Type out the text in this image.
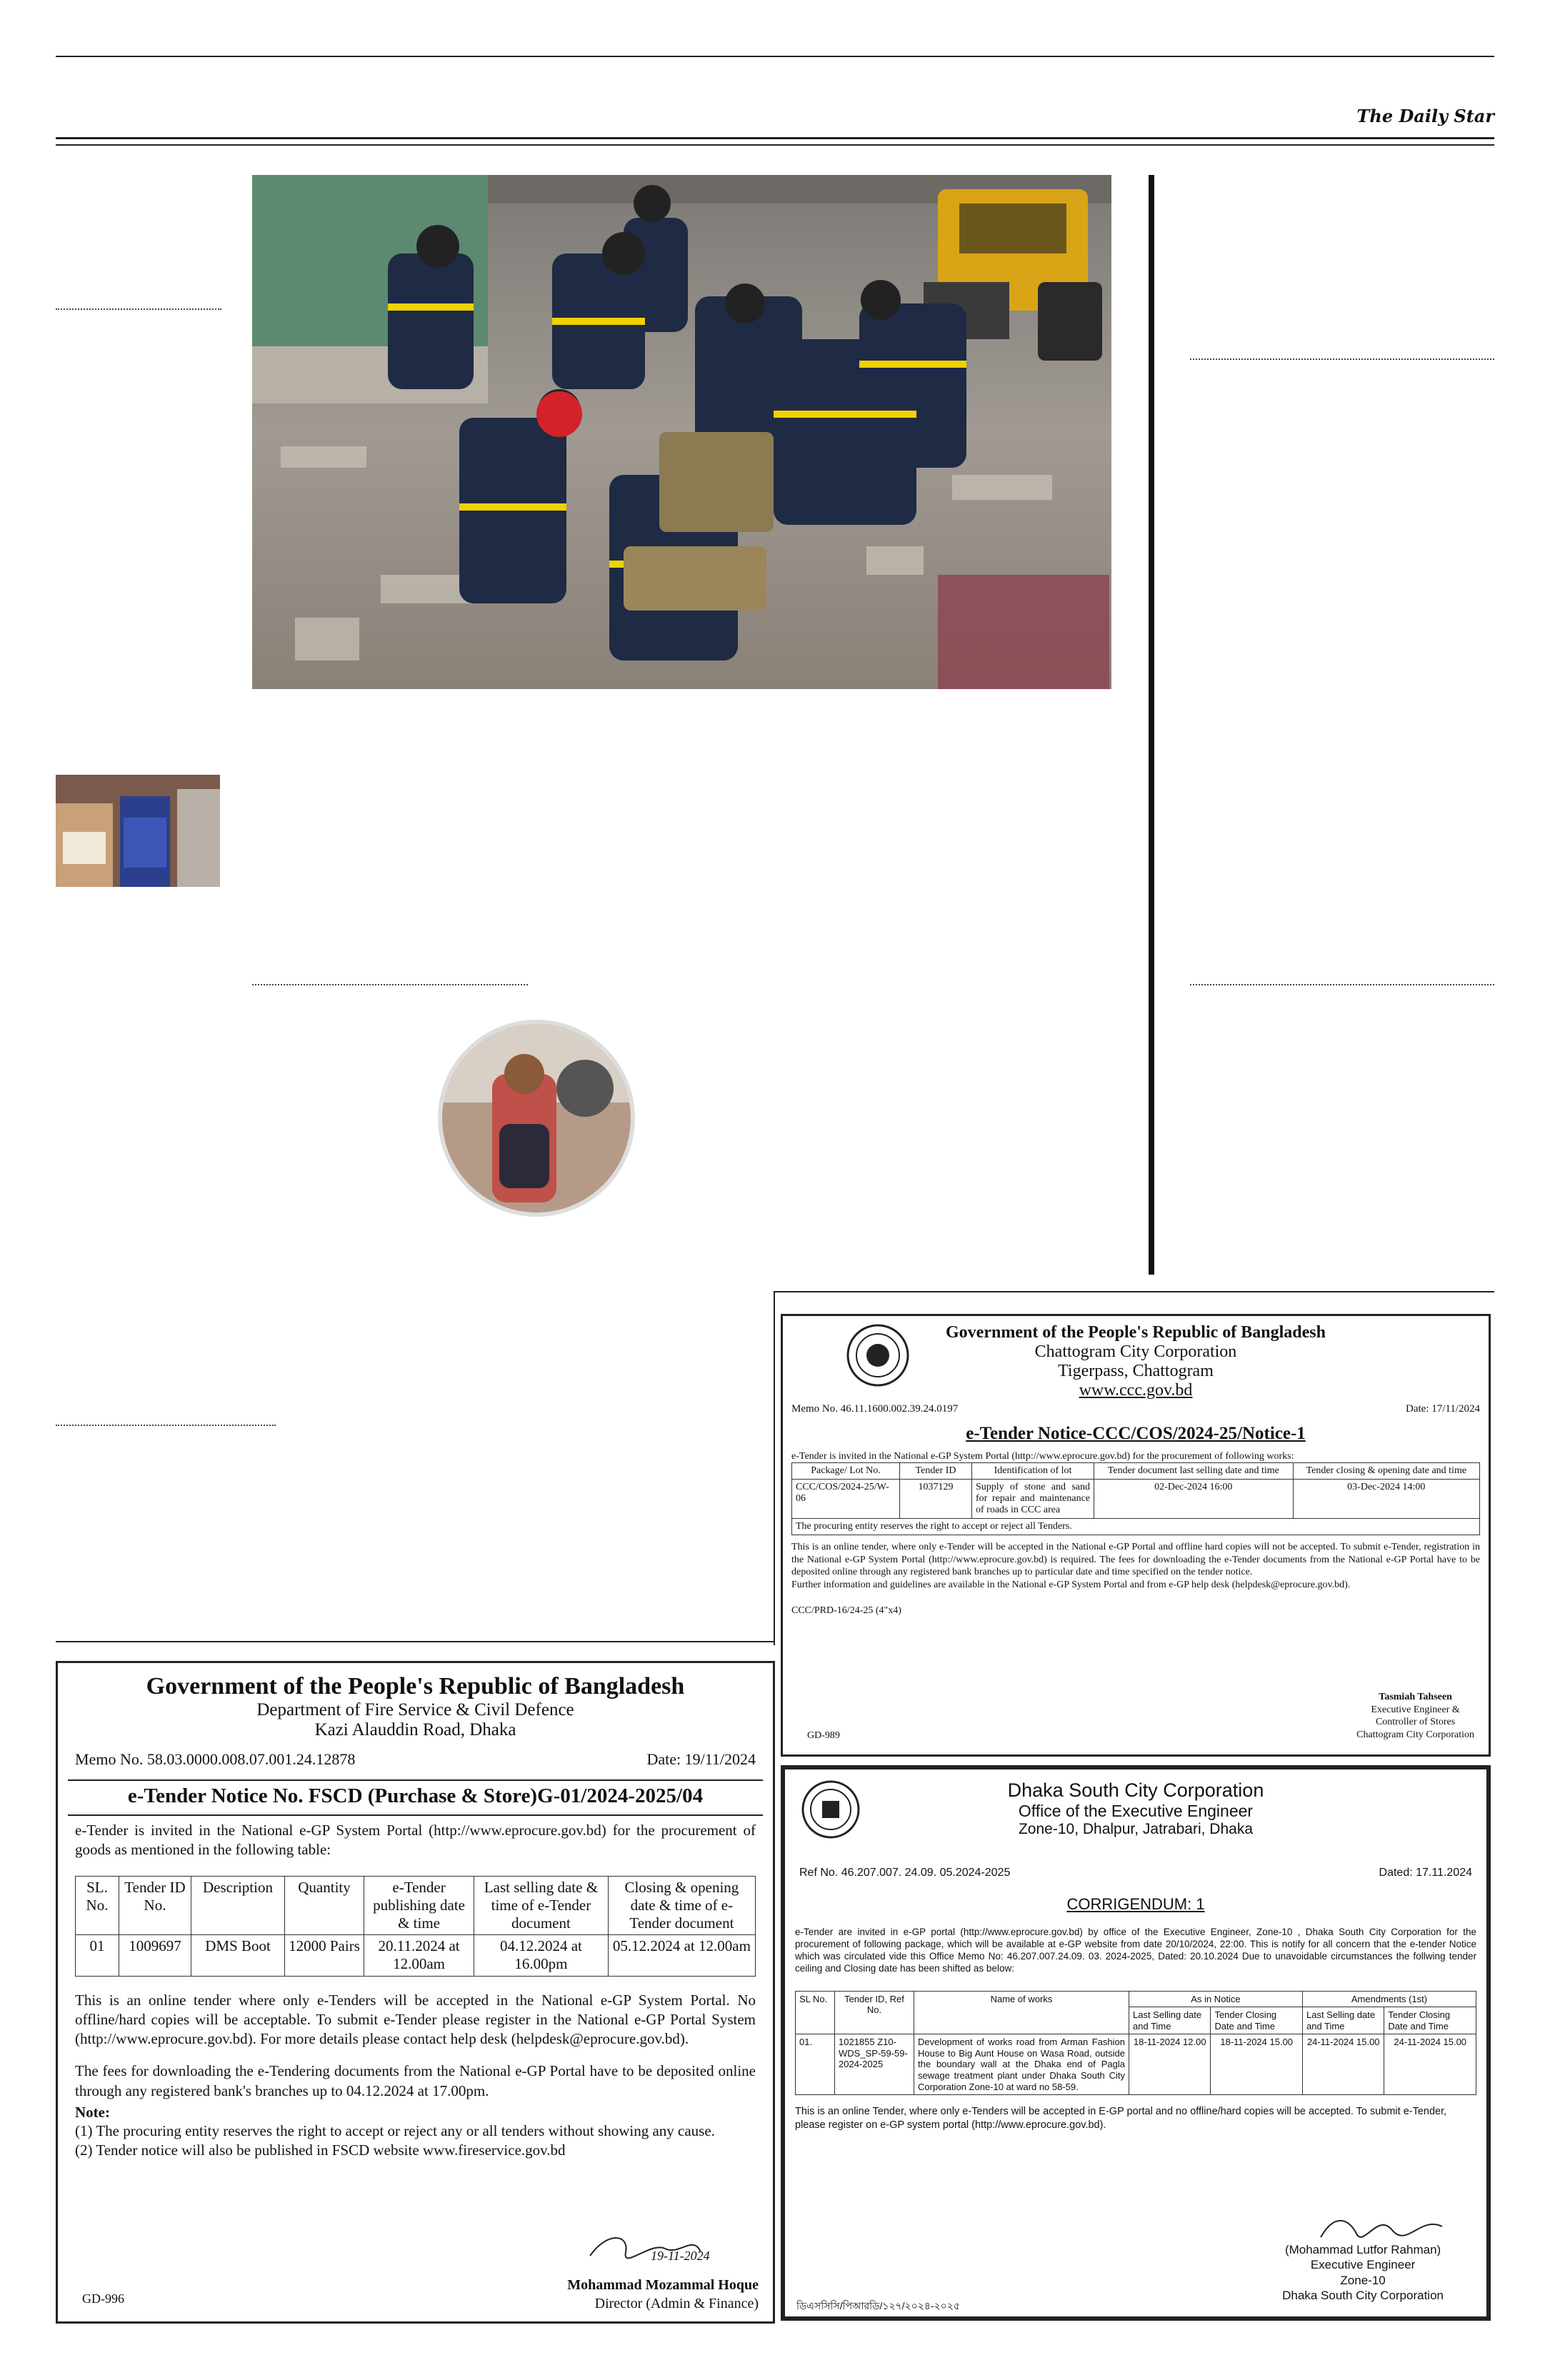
The Daily Star
Government of the People's Republic of Bangladesh
Department of Fire Service & Civil Defence
Kazi Alauddin Road, Dhaka
Memo No. 58.03.0000.008.07.001.24.12878	Date: 19/11/2024
e-Tender Notice No. FSCD (Purchase & Store)G-01/2024-2025/04
e-Tender is invited in the National e-GP System Portal (http://www.eprocure.gov.bd) for the procurement of goods as mentioned in the following table:
SL. No.	Tender ID No.	Description	Quantity	e-Tender publishing date & time	Last selling date & time of e-Tender document	Closing & opening date & time of e- Tender document
01	1009697	DMS Boot	12000 Pairs	20.11.2024 at 12.00am	04.12.2024 at 16.00pm	05.12.2024 at 12.00am
This is an online tender where only e-Tenders will be accepted in the National e-GP System Portal. No offline/hard copies will be acceptable. To submit e-Tender please register in the National e-GP Portal System (http://www.eprocure.gov.bd). For more details please contact help desk (helpdesk@eprocure.gov.bd).
The fees for downloading the e-Tendering documents from the National e-GP Portal have to be deposited online through any registered bank's branches up to 04.12.2024 at 17.00pm.
Note:
(1) The procuring entity reserves the right to accept or reject any or all tenders without showing any cause.
(2) Tender notice will also be published in FSCD website www.fireservice.gov.bd
19-11-2024
Mohammad Mozammal Hoque
Director (Admin & Finance)
GD-996
Government of the People's Republic of Bangladesh
Chattogram City Corporation
Tigerpass, Chattogram
www.ccc.gov.bd
Memo No. 46.11.1600.002.39.24.0197	Date: 17/11/2024
e-Tender Notice-CCC/COS/2024-25/Notice-1
e-Tender is invited in the National e-GP System Portal (http://www.eprocure.gov.bd) for the procurement of following works:
Package/ Lot No.	Tender ID	Identification of lot	Tender document last selling date and time	Tender closing & opening date and time
CCC/COS/2024-25/W-06	1037129	Supply of stone and sand for repair and maintenance of roads in CCC area	02-Dec-2024 16:00	03-Dec-2024 14:00
The procuring entity reserves the right to accept or reject all Tenders.				
This is an online tender, where only e-Tender will be accepted in the National e-GP Portal and offline hard copies will not be accepted. To submit e-Tender, registration in the National e-GP System Portal (http://www.eprocure.gov.bd) is required. The fees for downloading the e-Tender documents from the National e-GP Portal have to be deposited online through any registered bank branches up to particular date and time specified on the tender notice.
Further information and guidelines are available in the National e-GP System Portal and from e-GP help desk (helpdesk@eprocure.gov.bd).
CCC/PRD-16/24-25 (4"x4)
Tasmiah Tahseen
Executive Engineer &
Controller of Stores
Chattogram City Corporation
GD-989
Dhaka South City Corporation
Office of the Executive Engineer
Zone-10, Dhalpur, Jatrabari, Dhaka
Ref No. 46.207.007. 24.09. 05.2024-2025	Dated: 17.11.2024
CORRIGENDUM: 1
e-Tender are invited in e-GP portal (http://www.eprocure.gov.bd) by office of the Executive Engineer, Zone-10 , Dhaka South City Corporation for the procurement of following package, which will be available at e-GP website from date 20/10/2024, 22:00. This is notify for all concern that the e-tender Notice which was circulated vide this Office Memo No: 46.207.007.24.09. 03. 2024-2025, Dated: 20.10.2024 Due to unavoidable circumstances the follwing tender ceiling and Closing date has been shifted as below:
SL No.	Tender ID, Ref No.	Name of works	As in Notice		Amendments (1st)	
			Last Selling date and Time	Tender Closing Date and Time	Last Selling date and Time	Tender Closing Date and Time
01.	1021855 Z10-WDS_SP-59-59-2024-2025	Development of works road from Arman Fashion House to Big Aunt House on Wasa Road, outside the boundary wall at the Dhaka end of Pagla sewage treatment plant under Dhaka South City Corporation Zone-10 at ward no 58-59.	18-11-2024 12.00	18-11-2024 15.00	24-11-2024 15.00	24-11-2024 15.00
This is an online Tender, where only e-Tenders will be accepted in E-GP portal and no offline/hard copies will be accepted. To submit e-Tender, please register on e-GP system portal (http://www.eprocure.gov.bd).
(Mohammad Lutfor Rahman)
Executive Engineer
Zone-10
Dhaka South City Corporation
ডিএসসিসি/পিআরডি/১২৭/২০২৪-২০২৫
